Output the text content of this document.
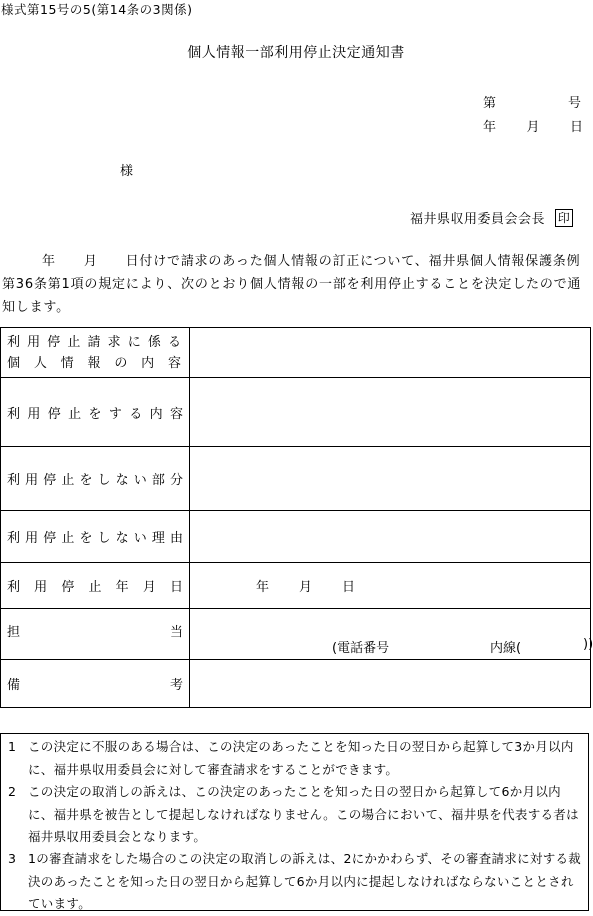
様式第15号の5(第14条の3関係)
個人情報一部利用停止決定通知書
第	号
年 月 日
様
福井県収用委員会会長 印

年 月 日付けで請求のあった個人情報の訂正について、福井県個人情報保護条例第36条第1項の規定により、次のとおり個人情報の一部を利用停止することを決定したので通知します。

利用停止請求に係る
個人情報の内容	

利用停止をする内容	

利用停止をしない部分	

利用停止をしない理由	

利用停止年月日	年 月 日

担当	(電話番号 内線( ))

備考	

1 この決定に不服のある場合は、この決定のあったことを知った日の翌日から起算して3か月以内に、福井県収用委員会に対して審査請求をすることができます。
2 この決定の取消しの訴えは、この決定のあったことを知った日の翌日から起算して6か月以内に、福井県を被告として提起しなければなりません。この場合において、福井県を代表する者は福井県収用委員会となります。
3 1の審査請求をした場合のこの決定の取消しの訴えは、2にかかわらず、その審査請求に対する裁決のあったことを知った日の翌日から起算して6か月以内に提起しなければならないこととされています。
